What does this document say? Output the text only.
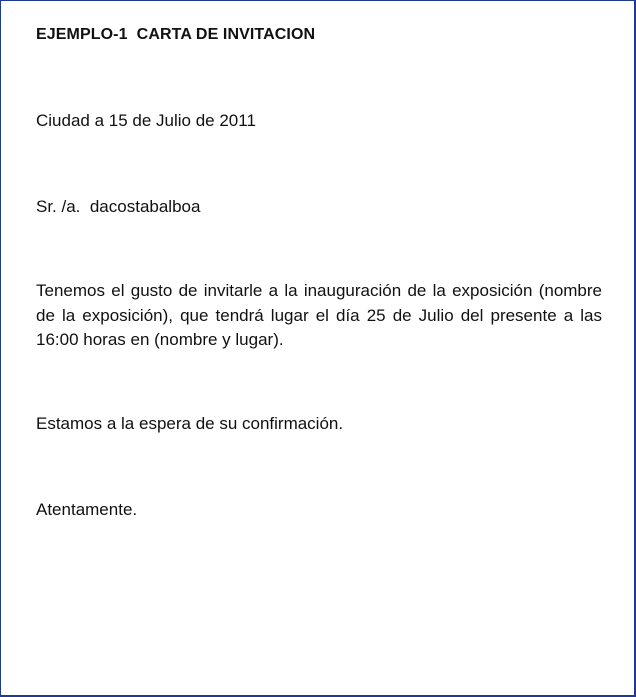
EJEMPLO-1  CARTA DE INVITACION

Ciudad a 15 de Julio de 2011

Sr. /a.  dacostabalboa

Tenemos el gusto de invitarle a la inauguración de la exposición (nombre de la exposición), que tendrá lugar el día 25 de Julio del presente a las 16:00 horas en (nombre y lugar).

Estamos a la espera de su confirmación.

Atentamente.
